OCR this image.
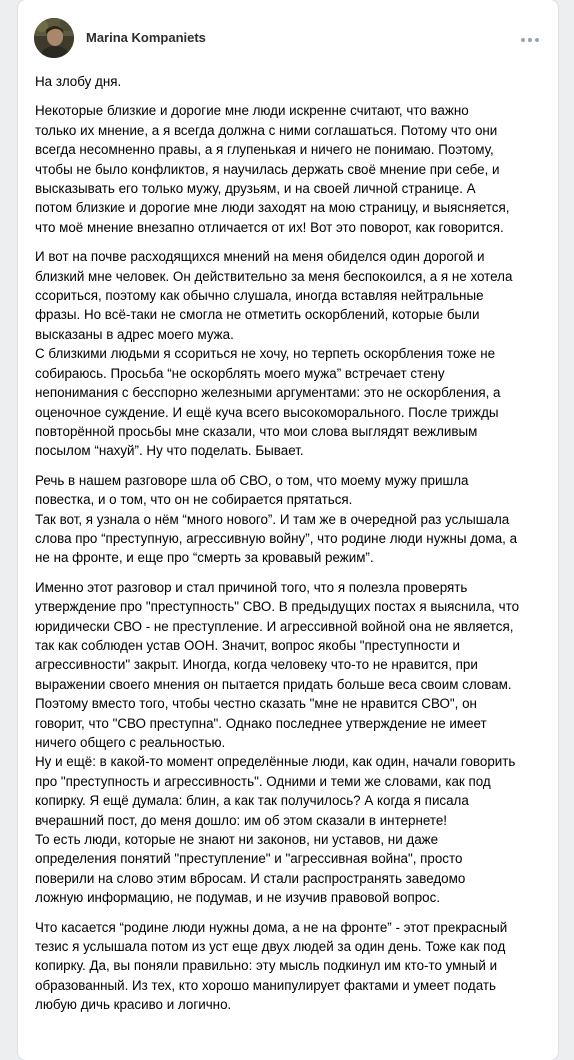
Marina Kompaniets

На злобу дня.

Некоторые близкие и дорогие мне люди искренне считают, что важно
только их мнение, а я всегда должна с ними соглашаться. Потому что они
всегда несомненно правы, а я глупенькая и ничего не понимаю. Поэтому,
чтобы не было конфликтов, я научилась держать своё мнение при себе, и
высказывать его только мужу, друзьям, и на своей личной странице. А
потом близкие и дорогие мне люди заходят на мою страницу, и выясняется,
что моё мнение внезапно отличается от их! Вот это поворот, как говорится.

И вот на почве расходящихся мнений на меня обиделся один дорогой и
близкий мне человек. Он действительно за меня беспокоился, а я не хотела
ссориться, поэтому как обычно слушала, иногда вставляя нейтральные
фразы. Но всё-таки не смогла не отметить оскорблений, которые были
высказаны в адрес моего мужа.
С близкими людьми я ссориться не хочу, но терпеть оскорбления тоже не
собираюсь. Просьба “не оскорблять моего мужа” встречает стену
непонимания с бесспорно железными аргументами: это не оскорбления, а
оценочное суждение. И ещё куча всего высокоморального. После трижды
повторённой просьбы мне сказали, что мои слова выглядят вежливым
посылом “нахуй”. Ну что поделать. Бывает.

Речь в нашем разговоре шла об СВО, о том, что моему мужу пришла
повестка, и о том, что он не собирается прятаться.
Так вот, я узнала о нём “много нового”. И там же в очередной раз услышала
слова про “преступную, агрессивную войну”, что родине люди нужны дома, а
не на фронте, и еще про “смерть за кровавый режим”.

Именно этот разговор и стал причиной того, что я полезла проверять
утверждение про "преступность" СВО. В предыдущих постах я выяснила, что
юридически СВО - не преступление. И агрессивной войной она не является,
так как соблюден устав ООН. Значит, вопрос якобы "преступности и
агрессивности" закрыт. Иногда, когда человеку что-то не нравится, при
выражении своего мнения он пытается придать больше веса своим словам.
Поэтому вместо того, чтобы честно сказать "мне не нравится СВО", он
говорит, что "СВО преступна". Однако последнее утверждение не имеет
ничего общего с реальностью.
Ну и ещё: в какой-то момент определённые люди, как один, начали говорить
про "преступность и агрессивность". Одними и теми же словами, как под
копирку. Я ещё думала: блин, а как так получилось? А когда я писала
вчерашний пост, до меня дошло: им об этом сказали в интернете!
То есть люди, которые не знают ни законов, ни уставов, ни даже
определения понятий "преступление" и "агрессивная война", просто
поверили на слово этим вбросам. И стали распространять заведомо
ложную информацию, не подумав, и не изучив правовой вопрос.

Что касается “родине люди нужны дома, а не на фронте” - этот прекрасный
тезис я услышала потом из уст еще двух людей за один день. Тоже как под
копирку. Да, вы поняли правильно: эту мысль подкинул им кто-то умный и
образованный. Из тех, кто хорошо манипулирует фактами и умеет подать
любую дичь красиво и логично.
